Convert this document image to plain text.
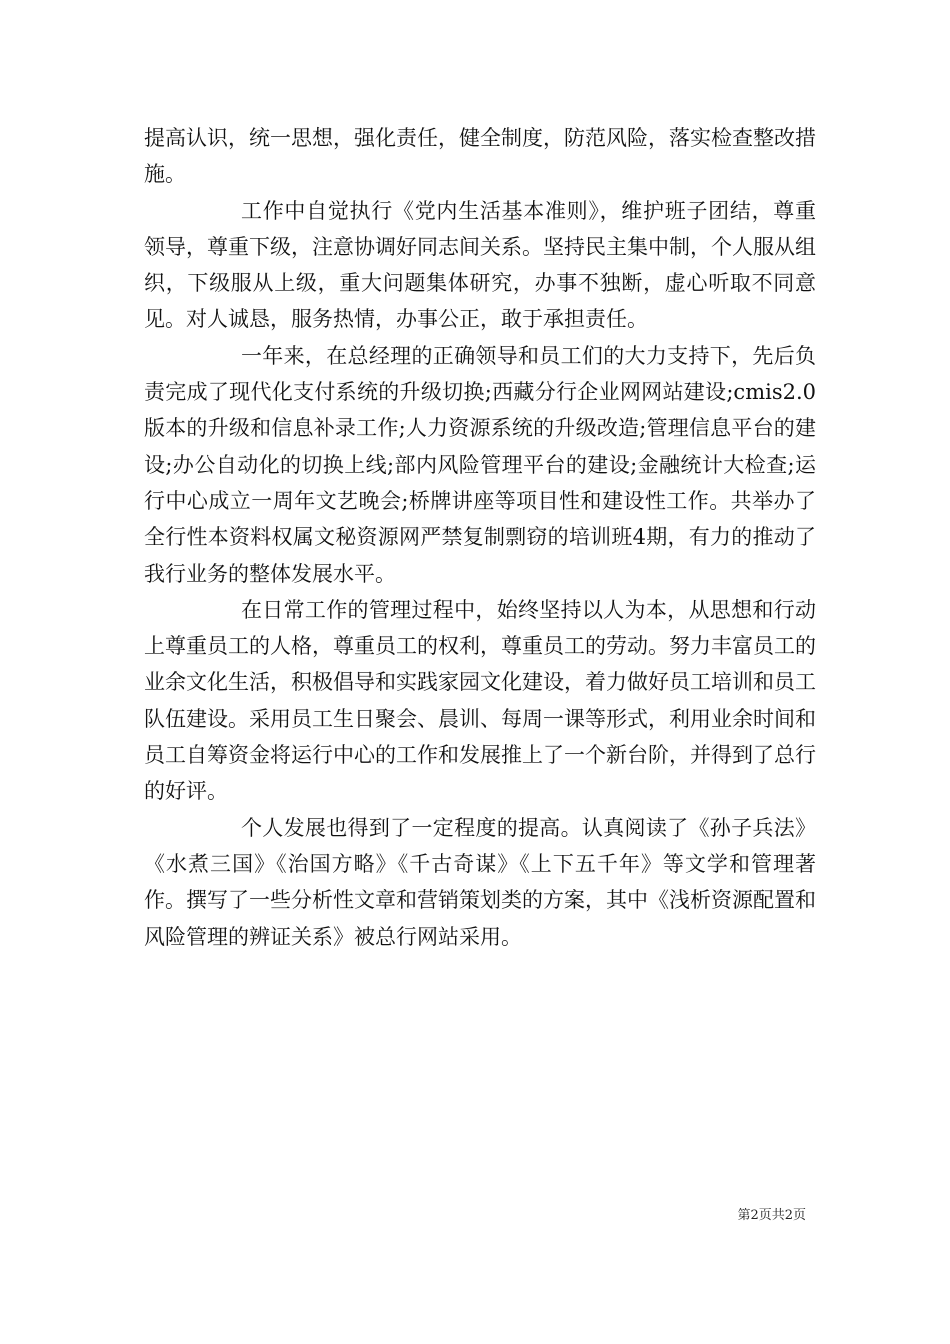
提高认识，统一思想，强化责任，健全制度，防范风险，落实检查整改措施。

工作中自觉执行《党内生活基本准则》，维护班子团结，尊重领导，尊重下级，注意协调好同志间关系。坚持民主集中制，个人服从组织，下级服从上级，重大问题集体研究，办事不独断，虚心听取不同意见。对人诚恳，服务热情，办事公正，敢于承担责任。

一年来，在总经理的正确领导和员工们的大力支持下，先后负责完成了现代化支付系统的升级切换;西藏分行企业网网站建设;cmis2.0版本的升级和信息补录工作;人力资源系统的升级改造;管理信息平台的建设;办公自动化的切换上线;部内风险管理平台的建设;金融统计大检查;运行中心成立一周年文艺晚会;桥牌讲座等项目性和建设性工作。共举办了全行性本资料权属文秘资源网严禁复制剽窃的培训班4期，有力的推动了我行业务的整体发展水平。

在日常工作的管理过程中，始终坚持以人为本，从思想和行动上尊重员工的人格，尊重员工的权利，尊重员工的劳动。努力丰富员工的业余文化生活，积极倡导和实践家园文化建设，着力做好员工培训和员工队伍建设。采用员工生日聚会、晨训、每周一课等形式，利用业余时间和员工自筹资金将运行中心的工作和发展推上了一个新台阶，并得到了总行的好评。

个人发展也得到了一定程度的提高。认真阅读了《孙子兵法》《水煮三国》《治国方略》《千古奇谋》《上下五千年》等文学和管理著作。撰写了一些分析性文章和营销策划类的方案，其中《浅析资源配置和风险管理的辨证关系》被总行网站采用。

第2页共2页
